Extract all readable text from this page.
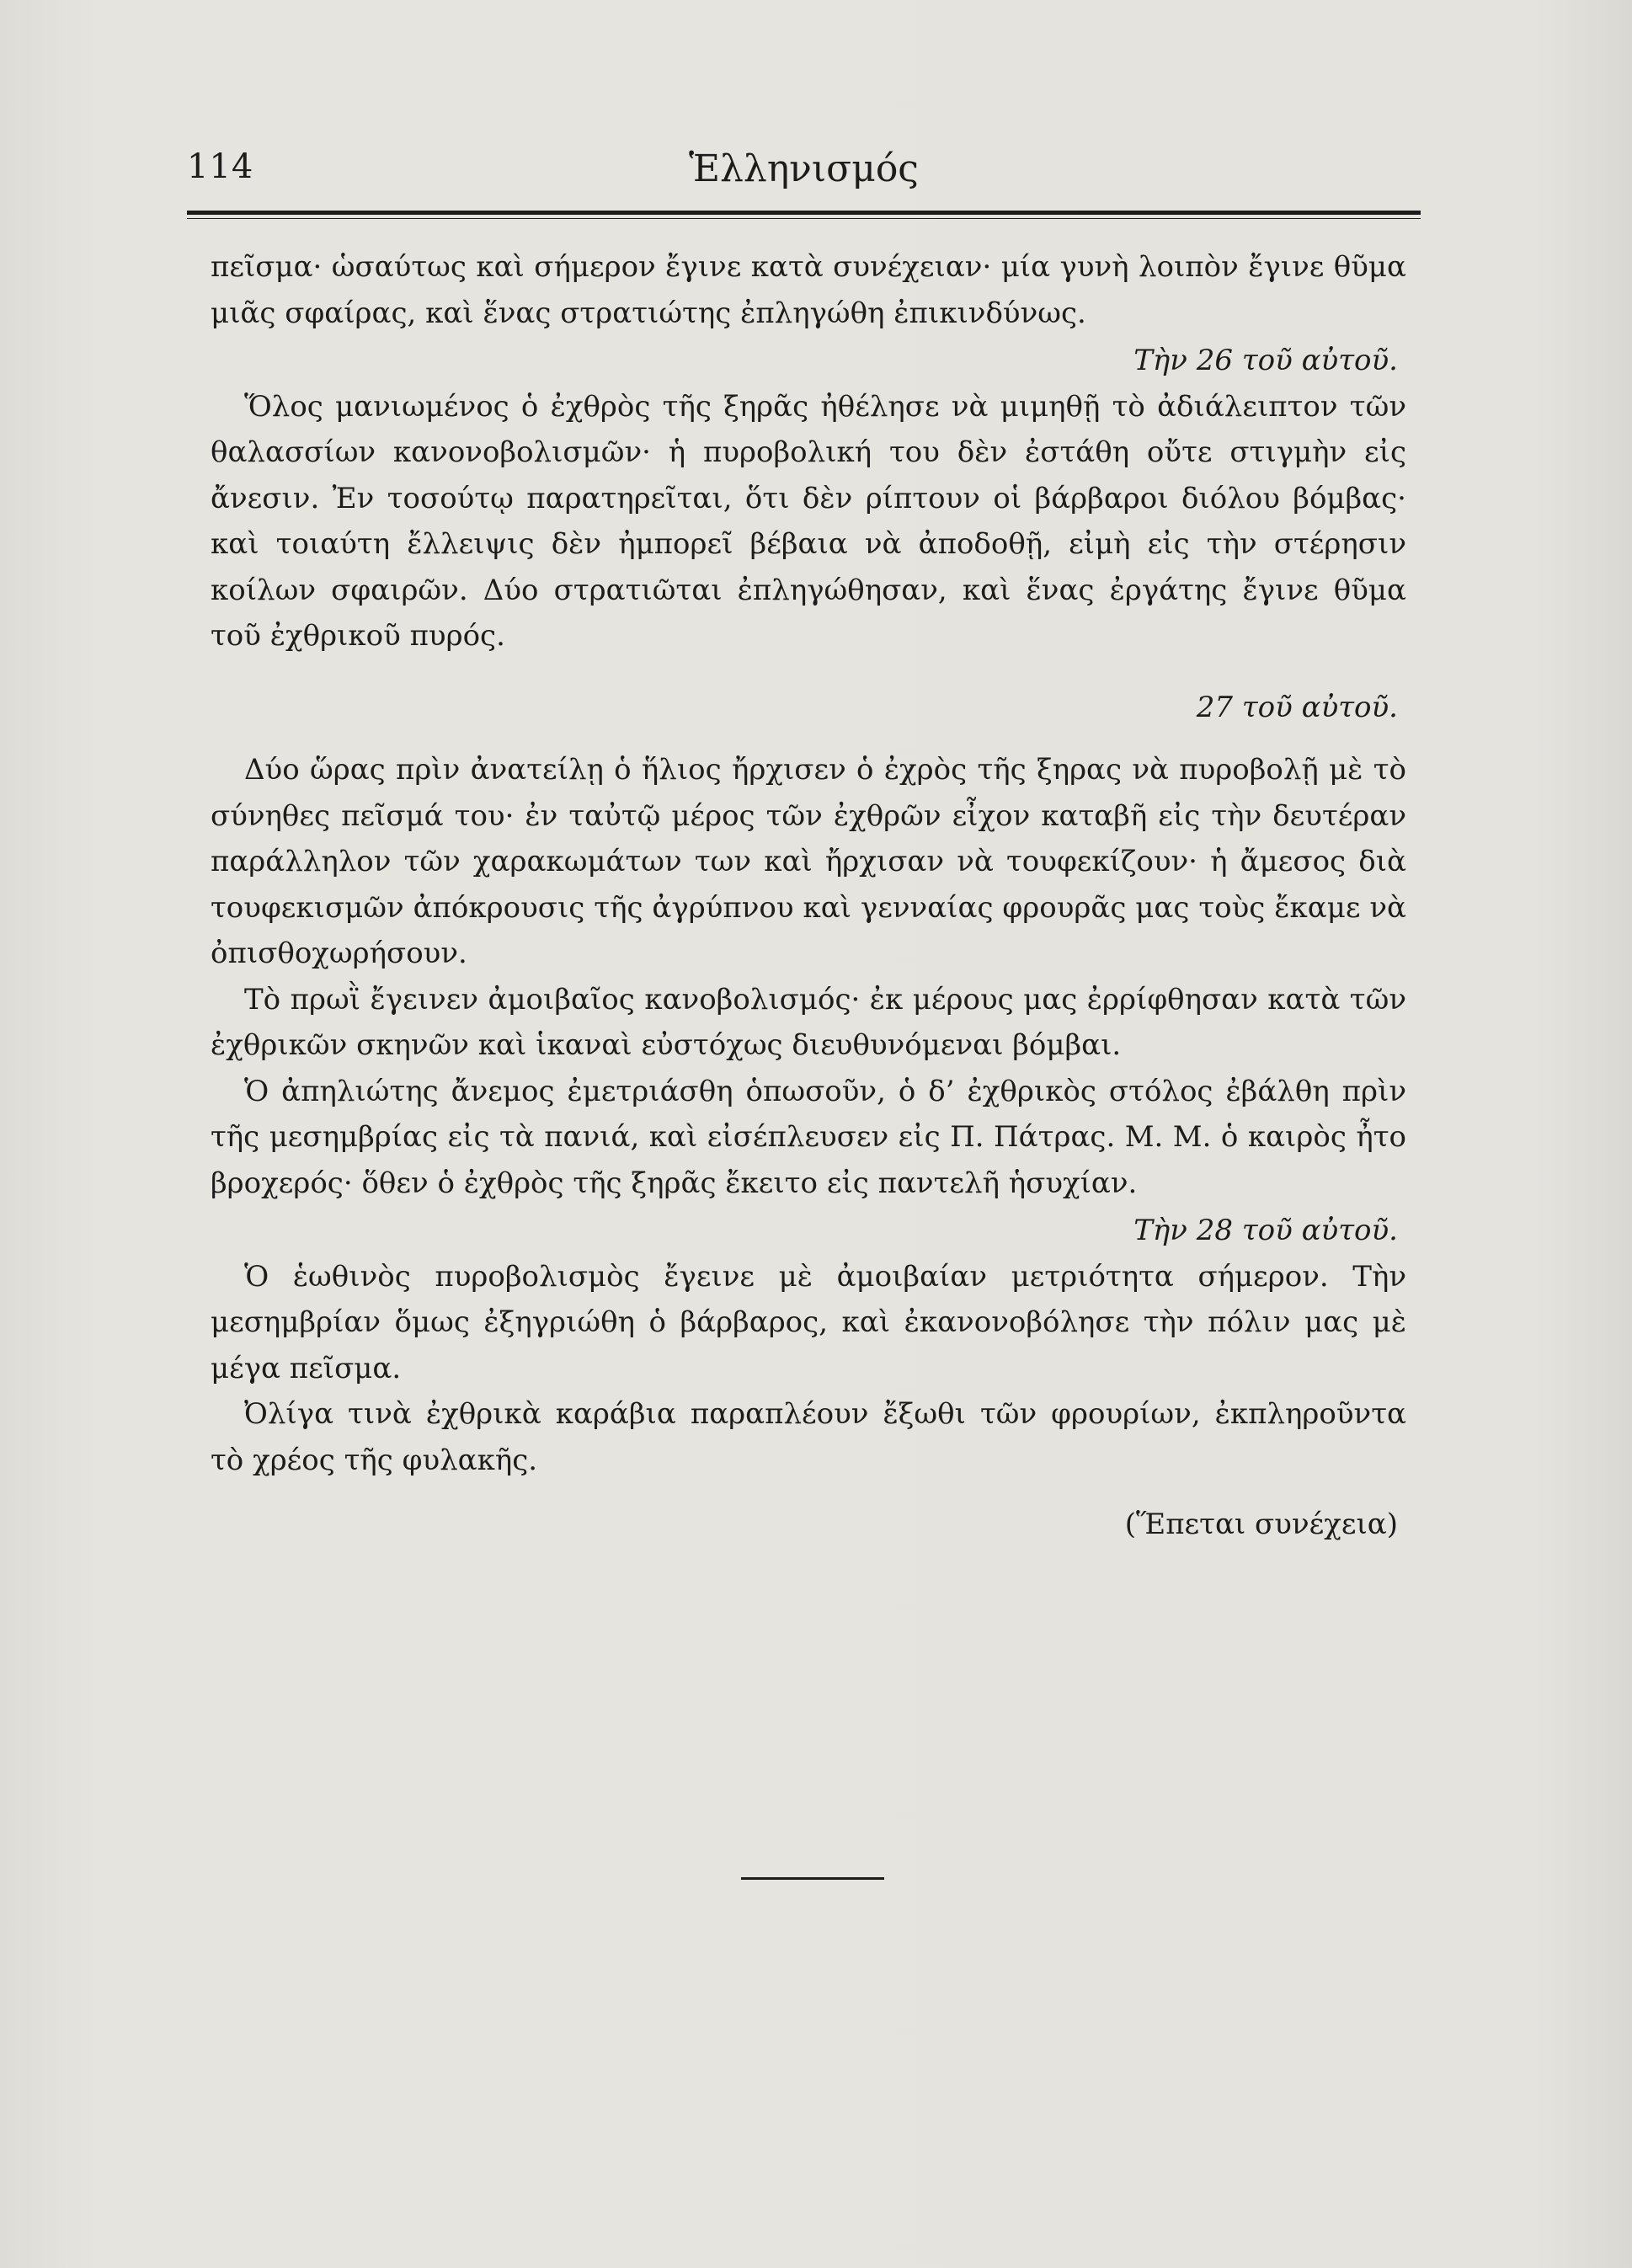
114	Ἑλληνισμός

πεῖσμα· ὡσαύτως καὶ σήμερον ἔγινε κατὰ συνέχειαν· μία γυνὴ λοιπὸν ἔγινε θῦμα μιᾶς σφαίρας, καὶ ἕνας στρατιώτης ἐπληγώθη ἐπικινδύνως.

Τὴν 26 τοῦ αὐτοῦ.

Ὅλος μανιωμένος ὁ ἐχθρὸς τῆς ξηρᾶς ἠθέλησε νὰ μιμηθῇ τὸ ἀδιάλειπτον τῶν θαλασσίων κανονοβολισμῶν· ἡ πυροβολική του δὲν ἐστάθη οὔτε στιγμὴν εἰς ἄνεσιν. Ἐν τοσούτῳ παρατηρεῖται, ὅτι δὲν ρίπτουν οἱ βάρβαροι διόλου βόμβας· καὶ τοιαύτη ἔλλειψις δὲν ἠμπορεῖ βέβαια νὰ ἀποδοθῇ, εἰμὴ εἰς τὴν στέρησιν κοίλων σφαιρῶν. Δύο στρατιῶται ἐπληγώθησαν, καὶ ἕνας ἐργάτης ἔγινε θῦμα τοῦ ἐχθρικοῦ πυρός.

27 τοῦ αὐτοῦ.

Δύο ὥρας πρὶν ἀνατείλῃ ὁ ἥλιος ἤρχισεν ὁ ἐχρὸς τῆς ξηρας νὰ πυροβολῇ μὲ τὸ σύνηθες πεῖσμά του· ἐν ταὐτῷ μέρος τῶν ἐχθρῶν εἶχον καταβῆ εἰς τὴν δευτέραν παράλληλον τῶν χαρακωμάτων των καὶ ἤρχισαν νὰ τουφεκίζουν· ἡ ἄμεσος διὰ τουφεκισμῶν ἀπόκρουσις τῆς ἀγρύπνου καὶ γενναίας φρουρᾶς μας τοὺς ἔκαμε νὰ ὀπισθοχωρήσουν.

Τὸ πρωῒ ἔγεινεν ἀμοιβαῖος κανοβολισμός· ἐκ μέρους μας ἐρρίφθησαν κατὰ τῶν ἐχθρικῶν σκηνῶν καὶ ἱκαναὶ εὐστόχως διευθυνόμεναι βόμβαι.

Ὁ ἀπηλιώτης ἄνεμος ἐμετριάσθη ὁπωσοῦν, ὁ δ’ ἐχθρικὸς στόλος ἐβάλθη πρὶν τῆς μεσημβρίας εἰς τὰ πανιά, καὶ εἰσέπλευσεν εἰς Π. Πάτρας. Μ. Μ. ὁ καιρὸς ἦτο βροχερός· ὅθεν ὁ ἐχθρὸς τῆς ξηρᾶς ἔκειτο εἰς παντελῆ ἡσυχίαν.

Τὴν 28 τοῦ αὐτοῦ.

Ὁ ἑωθινὸς πυροβολισμὸς ἔγεινε μὲ ἀμοιβαίαν μετριότητα σήμερον. Τὴν μεσημβρίαν ὅμως ἐξηγριώθη ὁ βάρβαρος, καὶ ἐκανονοβόλησε τὴν πόλιν μας μὲ μέγα πεῖσμα.

Ὀλίγα τινὰ ἐχθρικὰ καράβια παραπλέουν ἔξωθι τῶν φρουρίων, ἐκπληροῦντα τὸ χρέος τῆς φυλακῆς.

(Ἕπεται συνέχεια)
